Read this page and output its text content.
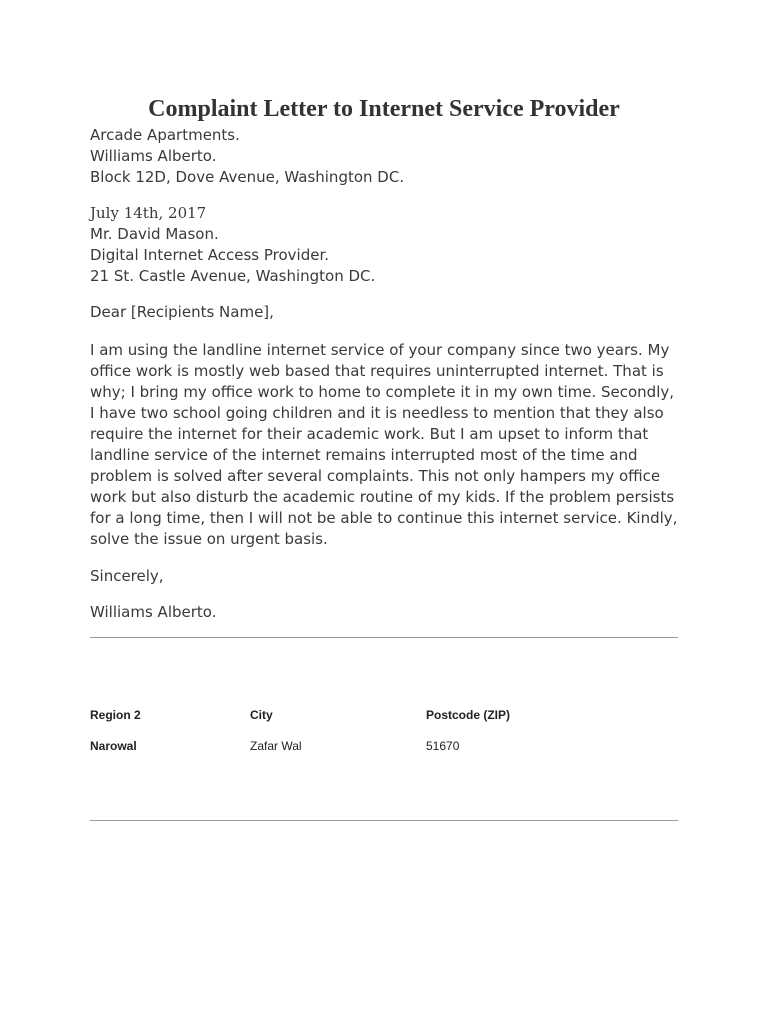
Complaint Letter to Internet Service Provider
Arcade Apartments.
Williams Alberto.
Block 12D, Dove Avenue, Washington DC.
July 14th, 2017
Mr. David Mason.
Digital Internet Access Provider.
21 St. Castle Avenue, Washington DC.
Dear [Recipients Name],
I am using the landline internet service of your company since two years. My
office work is mostly web based that requires uninterrupted internet. That is
why; I bring my office work to home to complete it in my own time. Secondly,
I have two school going children and it is needless to mention that they also
require the internet for their academic work. But I am upset to inform that
landline service of the internet remains interrupted most of the time and
problem is solved after several complaints. This not only hampers my office
work but also disturb the academic routine of my kids. If the problem persists
for a long time, then I will not be able to continue this internet service. Kindly,
solve the issue on urgent basis.
Sincerely,
Williams Alberto.
Region 2	City	Postcode (ZIP)
Narowal	Zafar Wal	51670
